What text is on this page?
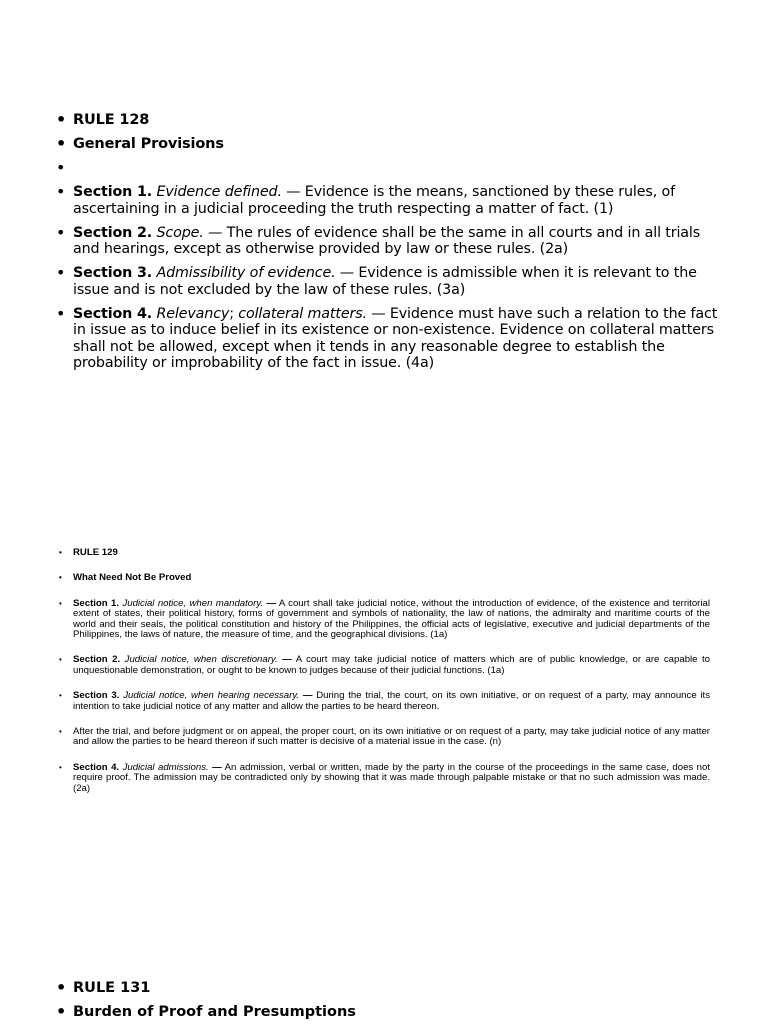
• RULE 128
• General Provisions
•
• Section 1. Evidence defined. — Evidence is the means, sanctioned by these rules, of ascertaining in a judicial proceeding the truth respecting a matter of fact. (1)
• Section 2. Scope. — The rules of evidence shall be the same in all courts and in all trials and hearings, except as otherwise provided by law or these rules. (2a)
• Section 3. Admissibility of evidence. — Evidence is admissible when it is relevant to the issue and is not excluded by the law of these rules. (3a)
• Section 4. Relevancy; collateral matters. — Evidence must have such a relation to the fact in issue as to induce belief in its existence or non-existence. Evidence on collateral matters shall not be allowed, except when it tends in any reasonable degree to establish the probability or improbability of the fact in issue. (4a)
• RULE 129
• What Need Not Be Proved
• Section 1. Judicial notice, when mandatory. — A court shall take judicial notice, without the introduction of evidence, of the existence and territorial extent of states, their political history, forms of government and symbols of nationality, the law of nations, the admiralty and maritime courts of the world and their seals, the political constitution and history of the Philippines, the official acts of legislative, executive and judicial departments of the Philippines, the laws of nature, the measure of time, and the geographical divisions. (1a)
• Section 2. Judicial notice, when discretionary. — A court may take judicial notice of matters which are of public knowledge, or are capable to unquestionable demonstration, or ought to be known to judges because of their judicial functions. (1a)
• Section 3. Judicial notice, when hearing necessary. — During the trial, the court, on its own initiative, or on request of a party, may announce its intention to take judicial notice of any matter and allow the parties to be heard thereon.
• After the trial, and before judgment or on appeal, the proper court, on its own initiative or on request of a party, may take judicial notice of any matter and allow the parties to be heard thereon if such matter is decisive of a material issue in the case. (n)
• Section 4. Judicial admissions. — An admission, verbal or written, made by the party in the course of the proceedings in the same case, does not require proof. The admission may be contradicted only by showing that it was made through palpable mistake or that no such admission was made. (2a)
• RULE 131
• Burden of Proof and Presumptions
